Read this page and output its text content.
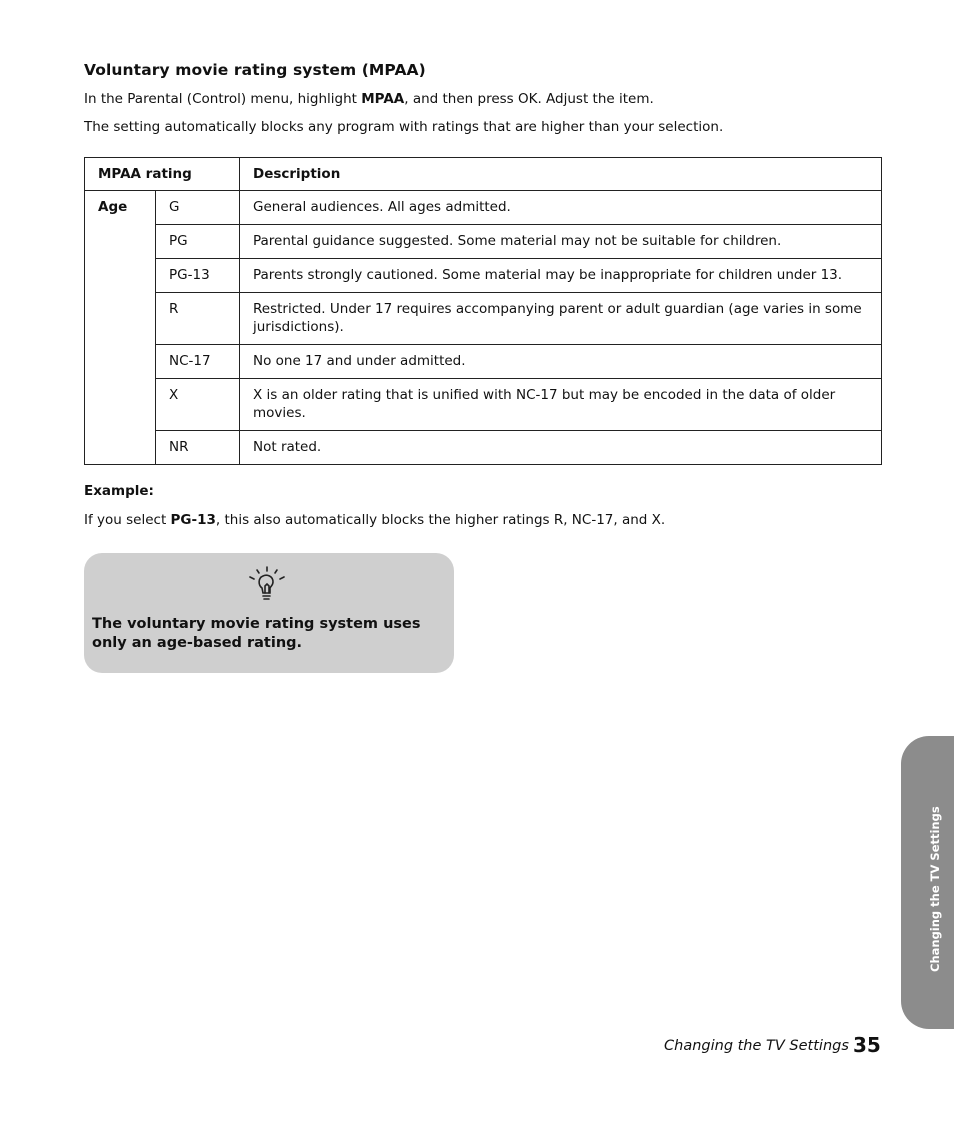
Voluntary movie rating system (MPAA)
In the Parental (Control) menu, highlight MPAA, and then press OK. Adjust the item.
The setting automatically blocks any program with ratings that are higher than your selection.
MPAA rating		Description
Age	G	General audiences. All ages admitted.
	PG	Parental guidance suggested. Some material may not be suitable for children.
	PG-13	Parents strongly cautioned. Some material may be inappropriate for children under 13.
	R	Restricted. Under 17 requires accompanying parent or adult guardian (age varies in some jurisdictions).
	NC-17	No one 17 and under admitted.
	X	X is an older rating that is unified with NC-17 but may be encoded in the data of older movies.
	NR	Not rated.
Example:
If you select PG-13, this also automatically blocks the higher ratings R, NC-17, and X.
The voluntary movie rating system uses only an age-based rating.
Changing the TV Settings
Changing the TV Settings 35
